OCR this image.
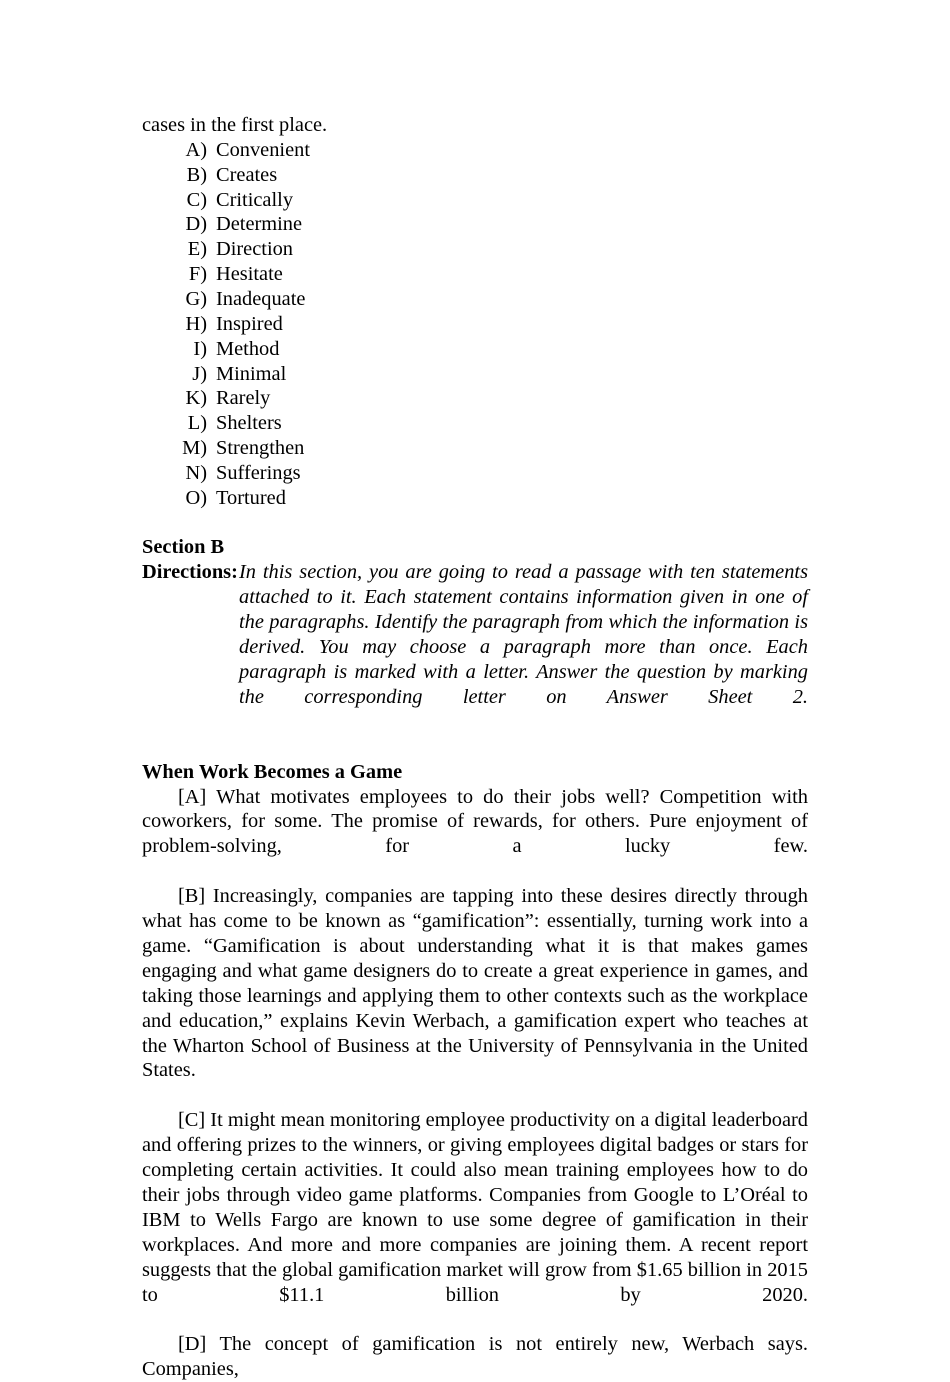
cases in the first place.
A) Convenient
B) Creates
C) Critically
D) Determine
E) Direction
F) Hesitate
G) Inadequate
H) Inspired
I) Method
J) Minimal
K) Rarely
L) Shelters
M) Strengthen
N) Sufferings
O) Tortured

Section B
Directions: In this section, you are going to read a passage with ten statements attached to it. Each statement contains information given in one of the paragraphs. Identify the paragraph from which the information is derived. You may choose a paragraph more than once. Each paragraph is marked with a letter. Answer the question by marking the corresponding letter on Answer Sheet 2.

When Work Becomes a Game

[A] What motivates employees to do their jobs well? Competition with coworkers, for some. The promise of rewards, for others. Pure enjoyment of problem-solving, for a lucky few.

[B] Increasingly, companies are tapping into these desires directly through what has come to be known as “gamification”: essentially, turning work into a game. “Gamification is about understanding what it is that makes games engaging and what game designers do to create a great experience in games, and taking those learnings and applying them to other contexts such as the workplace and education,” explains Kevin Werbach, a gamification expert who teaches at the Wharton School of Business at the University of Pennsylvania in the United States.

[C] It might mean monitoring employee productivity on a digital leaderboard and offering prizes to the winners, or giving employees digital badges or stars for completing certain activities. It could also mean training employees how to do their jobs through video game platforms. Companies from Google to L’Oréal to IBM to Wells Fargo are known to use some degree of gamification in their workplaces. And more and more companies are joining them. A recent report suggests that the global gamification market will grow from $1.65 billion in 2015 to $11.1 billion by 2020.

[D] The concept of gamification is not entirely new, Werbach says. Companies,
